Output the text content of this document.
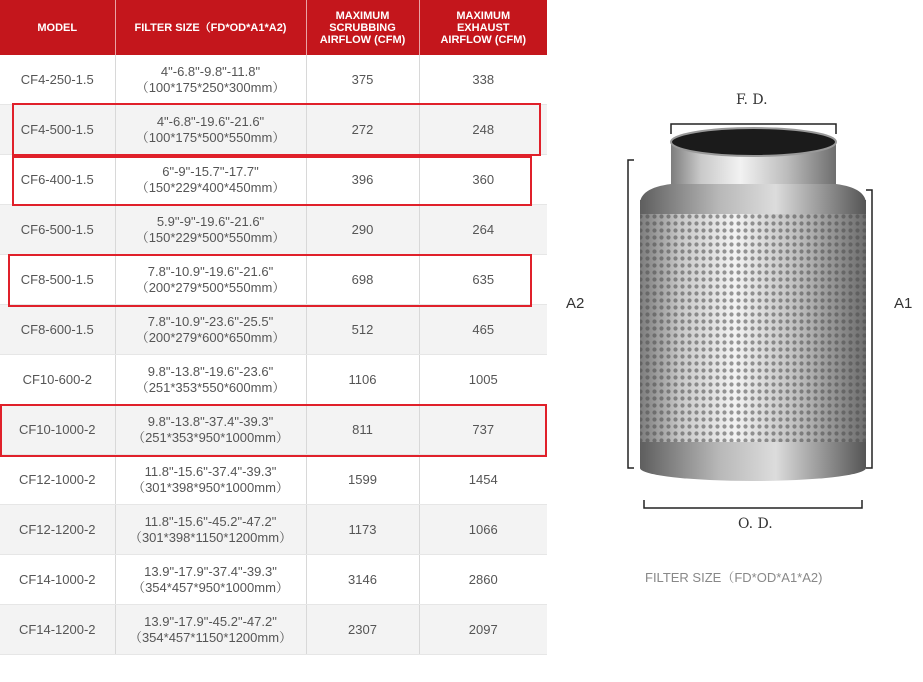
MODEL	FILTER SIZE（FD*OD*A1*A2)	MAXIMUM
SCRUBBING
AIRFLOW (CFM)	MAXIMUM
EXHAUST
AIRFLOW (CFM)
CF4-250-1.5	4"-6.8"-9.8"-11.8"
（100*175*250*300mm）	375	338
CF4-500-1.5	4"-6.8"-19.6"-21.6"
（100*175*500*550mm）	272	248
CF6-400-1.5	6"-9"-15.7"-17.7"
（150*229*400*450mm）	396	360
CF6-500-1.5	5.9"-9"-19.6"-21.6"
（150*229*500*550mm）	290	264
CF8-500-1.5	7.8"-10.9"-19.6"-21.6"
（200*279*500*550mm）	698	635
CF8-600-1.5	7.8"-10.9"-23.6"-25.5"
（200*279*600*650mm）	512	465
CF10-600-2	9.8"-13.8"-19.6"-23.6"
（251*353*550*600mm）	1106	1005
CF10-1000-2	9.8"-13.8"-37.4"-39.3"
（251*353*950*1000mm）	811	737
CF12-1000-2	11.8"-15.6"-37.4"-39.3"
（301*398*950*1000mm）	1599	1454
CF12-1200-2	11.8"-15.6"-45.2"-47.2"
（301*398*1150*1200mm）	1173	1066
CF14-1000-2	13.9"-17.9"-37.4"-39.3"
（354*457*950*1000mm）	3146	2860
CF14-1200-2	13.9"-17.9"-45.2"-47.2"
（354*457*1150*1200mm）	2307	2097
F. D.
O. D.
A2	A1
FILTER SIZE（FD*OD*A1*A2)
